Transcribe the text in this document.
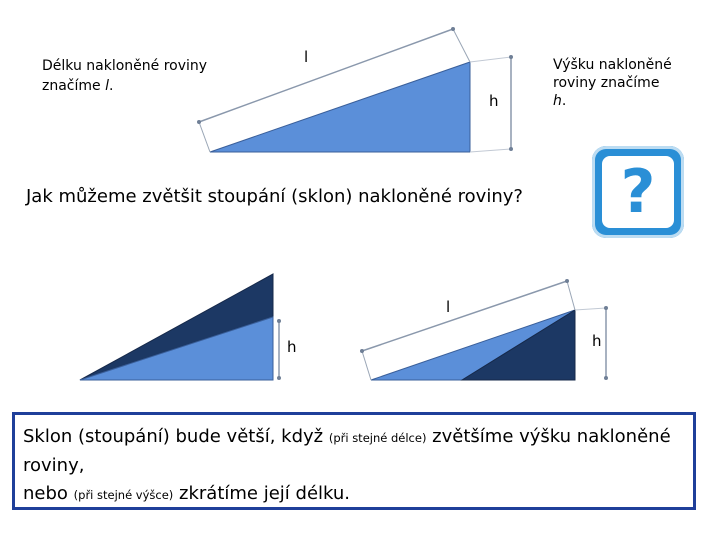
Délku nakloněné roviny
značíme l.
Výšku nakloněné
roviny značíme
h.
l
h
h
l
h
Jak můžeme zvětšit stoupání (sklon) nakloněné roviny? ?
Sklon (stoupání) bude větší, když (při stejné délce) zvětšíme výšku nakloněné roviny,
nebo (při stejné výšce) zkrátíme její délku.
